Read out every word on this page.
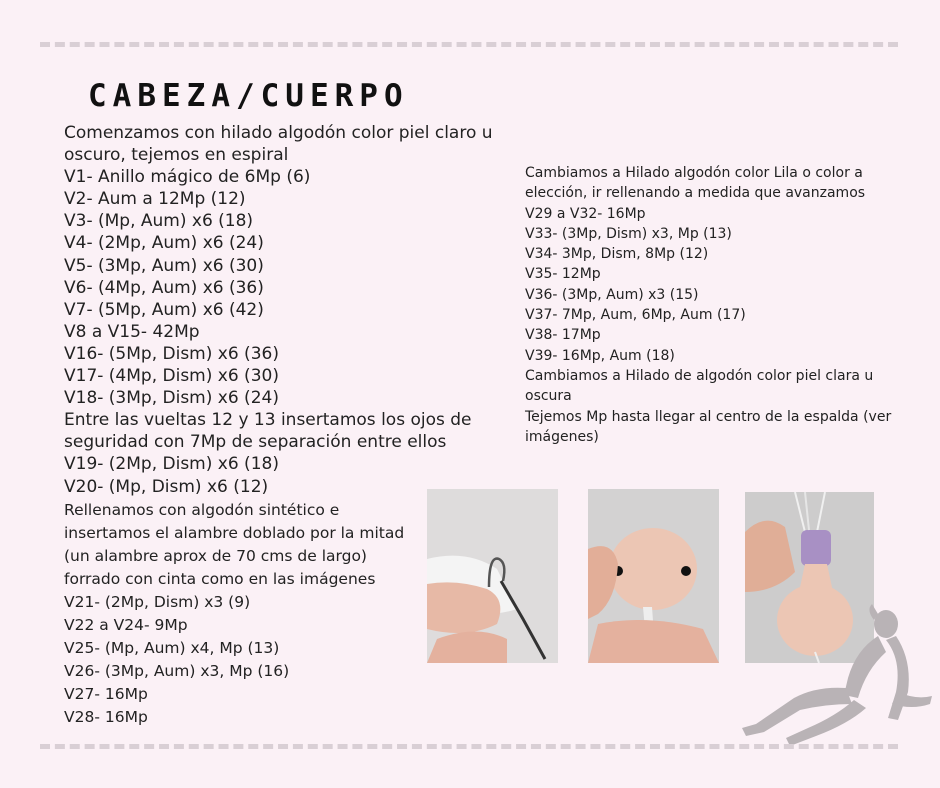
CABEZA/CUERPO
Comenzamos con hilado algodón color piel claro u oscuro, tejemos en espiral
V1- Anillo mágico de 6Mp (6)
V2- Aum a 12Mp (12)
V3- (Mp, Aum) x6 (18)
V4- (2Mp, Aum) x6 (24)
V5- (3Mp, Aum) x6 (30)
V6- (4Mp, Aum) x6 (36)
V7- (5Mp, Aum) x6 (42)
V8 a V15- 42Mp
V16- (5Mp, Dism) x6 (36)
V17- (4Mp, Dism) x6 (30)
V18- (3Mp, Dism) x6 (24)
Entre las vueltas 12 y 13 insertamos los ojos de seguridad con 7Mp de separación entre ellos
V19- (2Mp, Dism) x6 (18)
V20- (Mp, Dism) x6 (12)
Rellenamos con algodón sintético e insertamos el alambre doblado por la mitad (un alambre aprox de 70 cms de largo) forrado con cinta como en las imágenes
V21- (2Mp, Dism) x3 (9)
V22 a V24- 9Mp
V25- (Mp, Aum) x4, Mp (13)
V26- (3Mp, Aum) x3, Mp (16)
V27- 16Mp
V28- 16Mp
Cambiamos a Hilado algodón color Lila o color a elección, ir rellenando a medida que avanzamos
V29 a V32- 16Mp
V33- (3Mp, Dism) x3, Mp (13)
V34- 3Mp, Dism, 8Mp (12)
V35- 12Mp
V36- (3Mp, Aum) x3 (15)
V37- 7Mp, Aum, 6Mp, Aum (17)
V38- 17Mp
V39- 16Mp, Aum (18)
Cambiamos a Hilado de algodón color piel clara u oscura
Tejemos Mp hasta llegar al centro de la espalda (ver imágenes)
